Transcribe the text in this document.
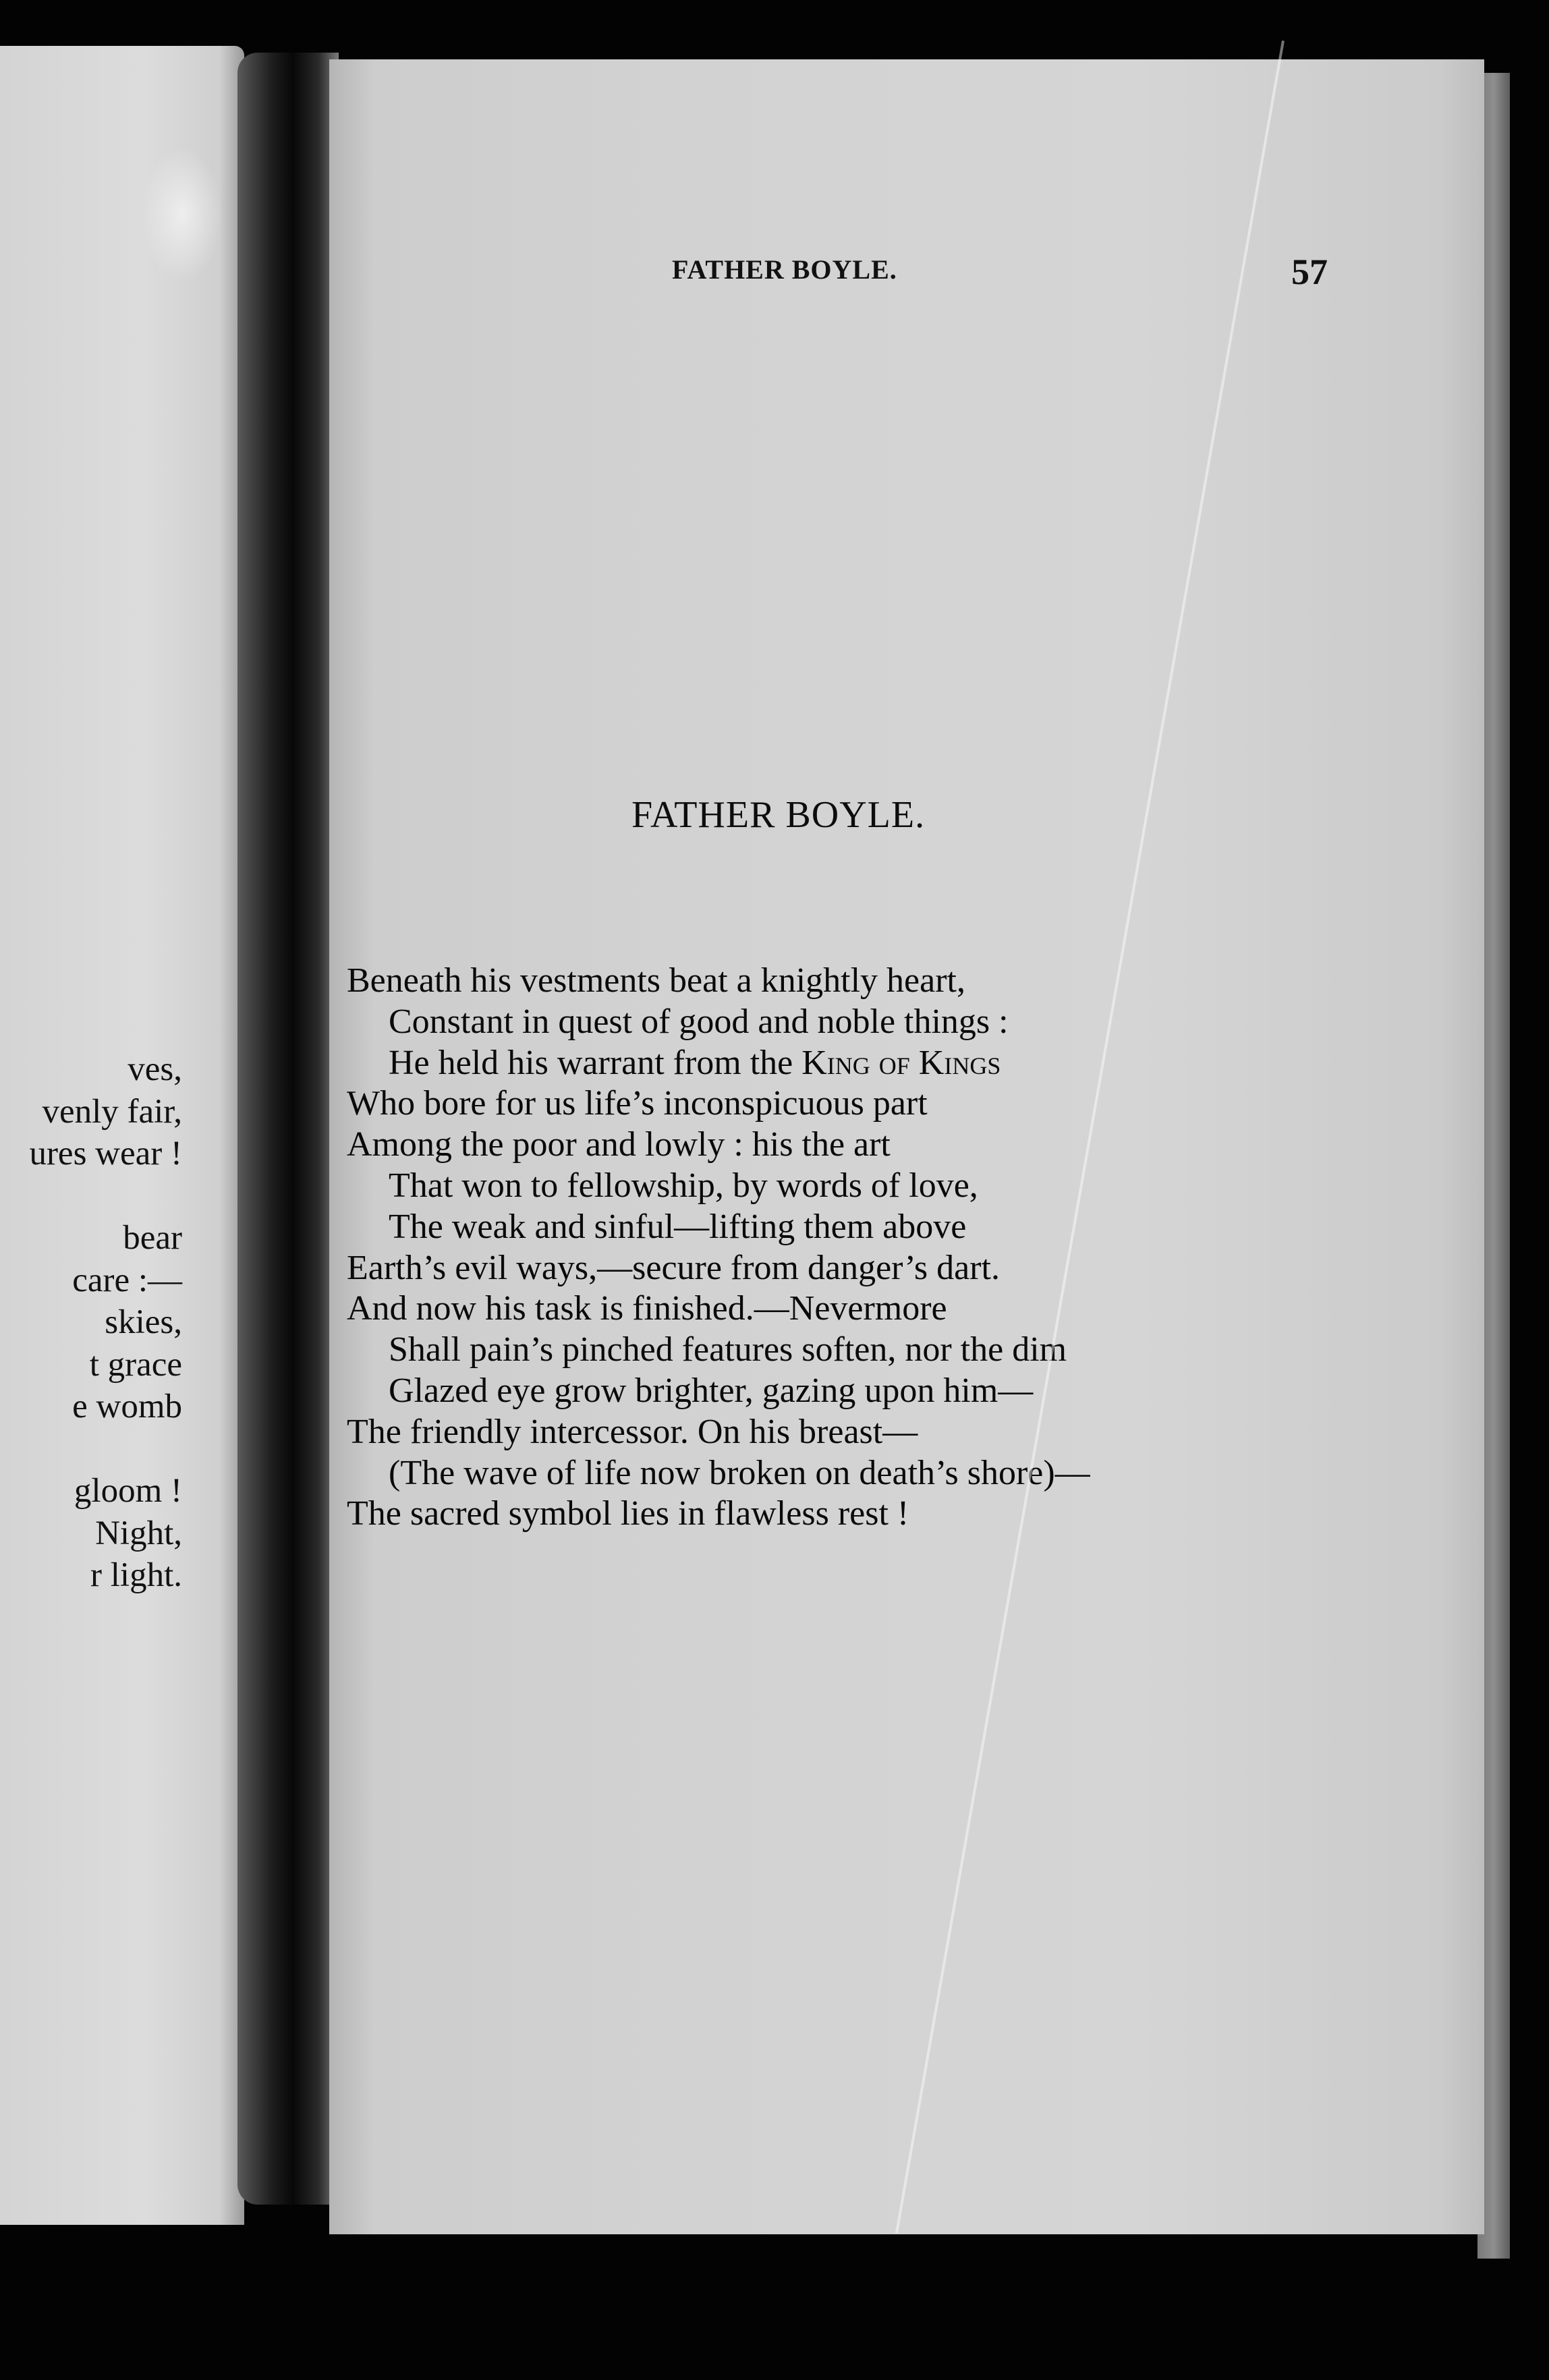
ves,
venly fair,
ures wear !
bear
care :—
skies,
t grace
e womb
gloom !
Night,
r light.
FATHER BOYLE.	57
FATHER BOYLE.
Beneath his vestments beat a knightly heart,
Constant in quest of good and noble things :
He held his warrant from the King of Kings
Who bore for us life’s inconspicuous part
Among the poor and lowly : his the art
That won to fellowship, by words of love,
The weak and sinful—lifting them above
Earth’s evil ways,—secure from danger’s dart.
And now his task is finished.—Nevermore
Shall pain’s pinched features soften, nor the dim
Glazed eye grow brighter, gazing upon him—
The friendly intercessor. On his breast—
(The wave of life now broken on death’s shore)—
The sacred symbol lies in flawless rest !
